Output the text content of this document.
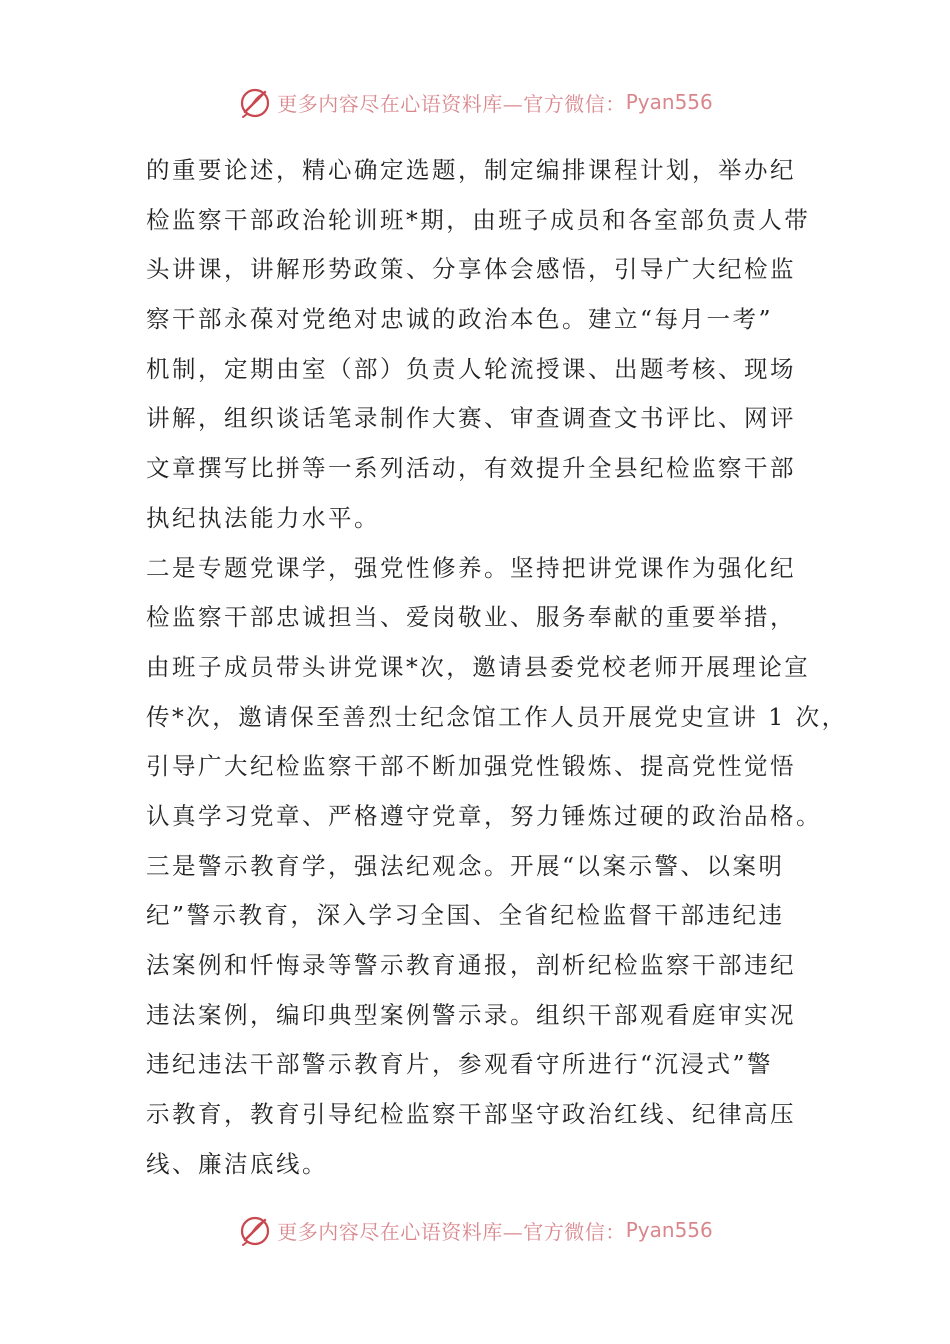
更多内容尽在心语资料库—官方微信： Pyan556
的重要论述，精心确定选题，制定编排课程计划，举办纪
检监察干部政治轮训班*期，由班子成员和各室部负责人带
头讲课，讲解形势政策、分享体会感悟，引导广大纪检监
察干部永葆对党绝对忠诚的政治本色。建立“每月一考”
机制，定期由室（部）负责人轮流授课、出题考核、现场
讲解，组织谈话笔录制作大赛、审查调查文书评比、网评
文章撰写比拼等一系列活动，有效提升全县纪检监察干部
执纪执法能力水平。
二是专题党课学，强党性修养。坚持把讲党课作为强化纪
检监察干部忠诚担当、爱岗敬业、服务奉献的重要举措，
由班子成员带头讲党课*次，邀请县委党校老师开展理论宣
传*次，邀请保至善烈士纪念馆工作人员开展党史宣讲 1 次，
引导广大纪检监察干部不断加强党性锻炼、提高党性觉悟
认真学习党章、严格遵守党章，努力锤炼过硬的政治品格。
三是警示教育学，强法纪观念。开展“以案示警、以案明
纪”警示教育，深入学习全国、全省纪检监督干部违纪违
法案例和忏悔录等警示教育通报，剖析纪检监察干部违纪
违法案例，编印典型案例警示录。组织干部观看庭审实况
违纪违法干部警示教育片，参观看守所进行“沉浸式”警
示教育，教育引导纪检监察干部坚守政治红线、纪律高压
线、廉洁底线。
更多内容尽在心语资料库—官方微信： Pyan556
